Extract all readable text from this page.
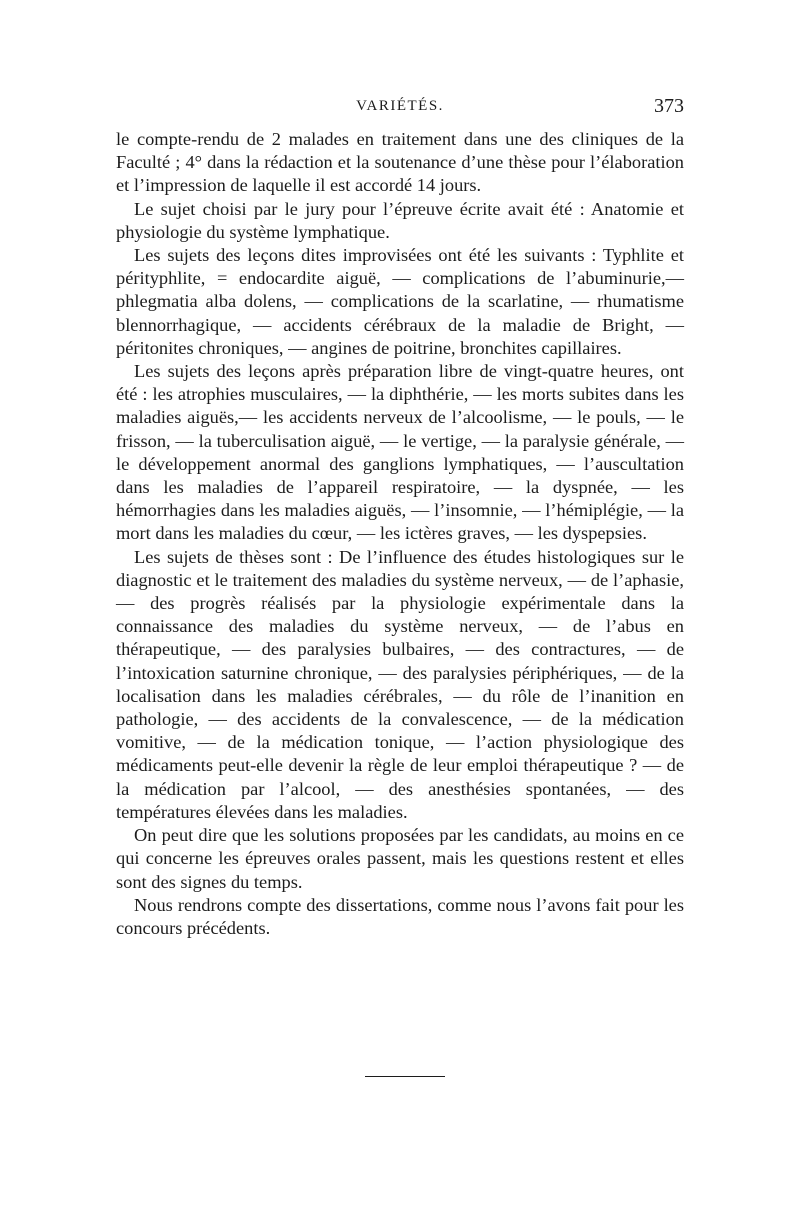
VARIÉTÉS.	373

le compte-rendu de 2 malades en traitement dans une des cliniques de la Faculté ; 4° dans la rédaction et la soutenance d’une thèse pour l’élaboration et l’impression de laquelle il est accordé 14 jours.

Le sujet choisi par le jury pour l’épreuve écrite avait été : Anatomie et physiologie du système lymphatique.

Les sujets des leçons dites improvisées ont été les suivants : Typhlite et pérityphlite, = endocardite aiguë, — complications de l’abuminurie,— phlegmatia alba dolens, — complications de la scarlatine, — rhumatisme blennorrhagique, — accidents cérébraux de la maladie de Bright, — péritonites chroniques, — angines de poitrine, bronchites capillaires.

Les sujets des leçons après préparation libre de vingt-quatre heures, ont été : les atrophies musculaires, — la diphthérie, — les morts subites dans les maladies aiguës,— les accidents nerveux de l’alcoolisme, — le pouls, — le frisson, — la tuberculisation aiguë, — le vertige, — la paralysie générale, — le développement anormal des ganglions lymphatiques, — l’auscultation dans les maladies de l’appareil respiratoire, — la dyspnée, — les hémorrhagies dans les maladies aiguës, — l’insomnie, — l’hémiplégie, — la mort dans les maladies du cœur, — les ictères graves, — les dyspepsies.

Les sujets de thèses sont : De l’influence des études histologiques sur le diagnostic et le traitement des maladies du système nerveux, — de l’aphasie, — des progrès réalisés par la physiologie expérimentale dans la connaissance des maladies du système nerveux, — de l’abus en thérapeutique, — des paralysies bulbaires, — des contractures, — de l’intoxication saturnine chronique, — des paralysies périphériques, — de la localisation dans les maladies cérébrales, — du rôle de l’inanition en pathologie, — des accidents de la convalescence, — de la médication vomitive, — de la médication tonique, — l’action physiologique des médicaments peut-elle devenir la règle de leur emploi thérapeutique ? — de la médication par l’alcool, — des anesthésies spontanées, — des températures élevées dans les maladies.

On peut dire que les solutions proposées par les candidats, au moins en ce qui concerne les épreuves orales passent, mais les questions restent et elles sont des signes du temps.

Nous rendrons compte des dissertations, comme nous l’avons fait pour les concours précédents.
